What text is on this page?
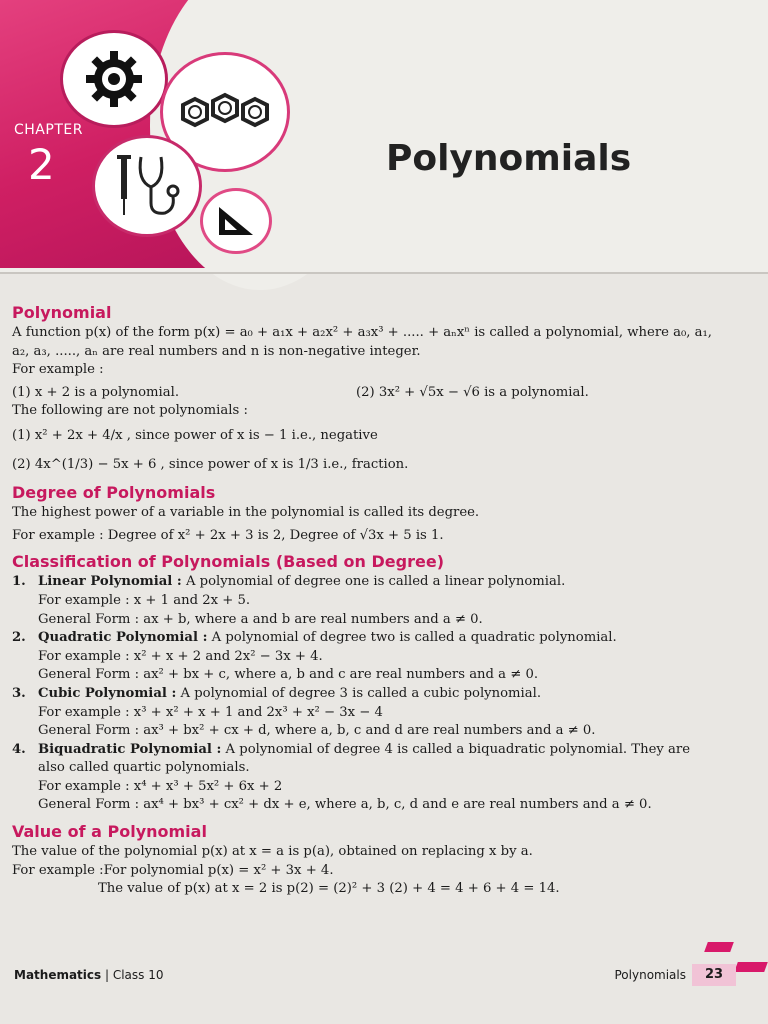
CHAPTER
2	Polynomials
Polynomial

A function p(x) of the form p(x) = a₀ + a₁x + a₂x² + a₃x³ + ..... + aₙxⁿ is called a polynomial, where a₀, a₁,

a₂, a₃, ....., aₙ are real numbers and n is non-negative integer.

For example :

(1) x + 2 is a polynomial.	(2) 3x² + √5x − √6 is a polynomial.

The following are not polynomials :

(1) x² + 2x + 4/x , since power of x is − 1 i.e., negative

(2) 4x^(1/3) − 5x + 6 , since power of x is 1/3 i.e., fraction.

Degree of Polynomials

The highest power of a variable in the polynomial is called its degree.

For example : Degree of x² + 2x + 3 is 2, Degree of √3x + 5 is 1.

Classification of Polynomials (Based on Degree)
1. Linear Polynomial : A polynomial of degree one is called a linear polynomial.

For example : x + 1 and 2x + 5.

General Form : ax + b, where a and b are real numbers and a ≠ 0.

2. Quadratic Polynomial : A polynomial of degree two is called a quadratic polynomial.

For example : x² + x + 2 and 2x² − 3x + 4.

General Form : ax² + bx + c, where a, b and c are real numbers and a ≠ 0.

3. Cubic Polynomial : A polynomial of degree 3 is called a cubic polynomial.

For example : x³ + x² + x + 1 and 2x³ + x² − 3x − 4

General Form : ax³ + bx² + cx + d, where a, b, c and d are real numbers and a ≠ 0.

4. Biquadratic Polynomial : A polynomial of degree 4 is called a biquadratic polynomial. They are

also called quartic polynomials.

For example : x⁴ + x³ + 5x² + 6x + 2

General Form : ax⁴ + bx³ + cx² + dx + e, where a, b, c, d and e are real numbers and a ≠ 0.

Value of a Polynomial

The value of the polynomial p(x) at x = a is p(a), obtained on replacing x by a.

For example :For polynomial p(x) = x² + 3x + 4.

The value of p(x) at x = 2 is p(2) = (2)² + 3 (2) + 4 = 4 + 6 + 4 = 14.

Mathematics | Class 10	Polynomials	23
